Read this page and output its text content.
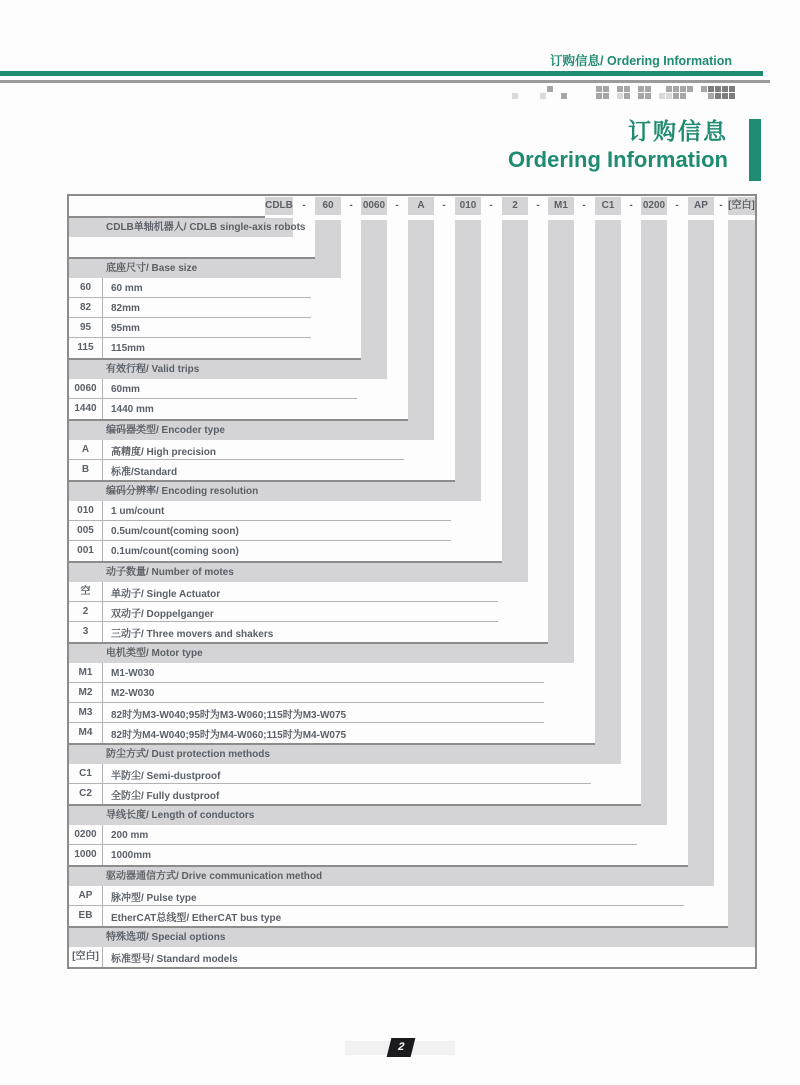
订购信息/ Ordering Information
订购信息
Ordering Information
CDLB -	60	- 0060 -	A	-	010	-	2	-	M1	-	C1	- 0200 -	AP	- [空白]
CDLB单轴机器人/ CDLB single-axis robots
底座尺寸/ Base size
60	60 mm
82	82mm
95	95mm
115	115mm
有效行程/ Valid trips
0060	60mm
1440	1440 mm
编码器类型/ Encoder type
A	高精度/ High precision
B	标准/Standard
编码分辨率/ Encoding resolution
010	1 um/count
005	0.5um/count(coming soon)
001	0.1um/count(coming soon)
动子数量/ Number of motes
空	单动子/ Single Actuator
2	双动子/ Doppelganger
3	三动子/ Three movers and shakers
电机类型/ Motor type
M1	M1-W030
M2	M2-W030
M3	82时为M3-W040;95时为M3-W060;115时为M3-W075
M4	82时为M4-W040;95时为M4-W060;115时为M4-W075
防尘方式/ Dust protection methods
C1	半防尘/ Semi-dustproof
C2	全防尘/ Fully dustproof
导线长度/ Length of conductors
0200	200 mm
1000	1000mm
驱动器通信方式/ Drive communication method
AP	脉冲型/ Pulse type
EB	EtherCAT总线型/ EtherCAT bus type
特殊选项/ Special options
[空白]	标准型号/ Standard models
2
